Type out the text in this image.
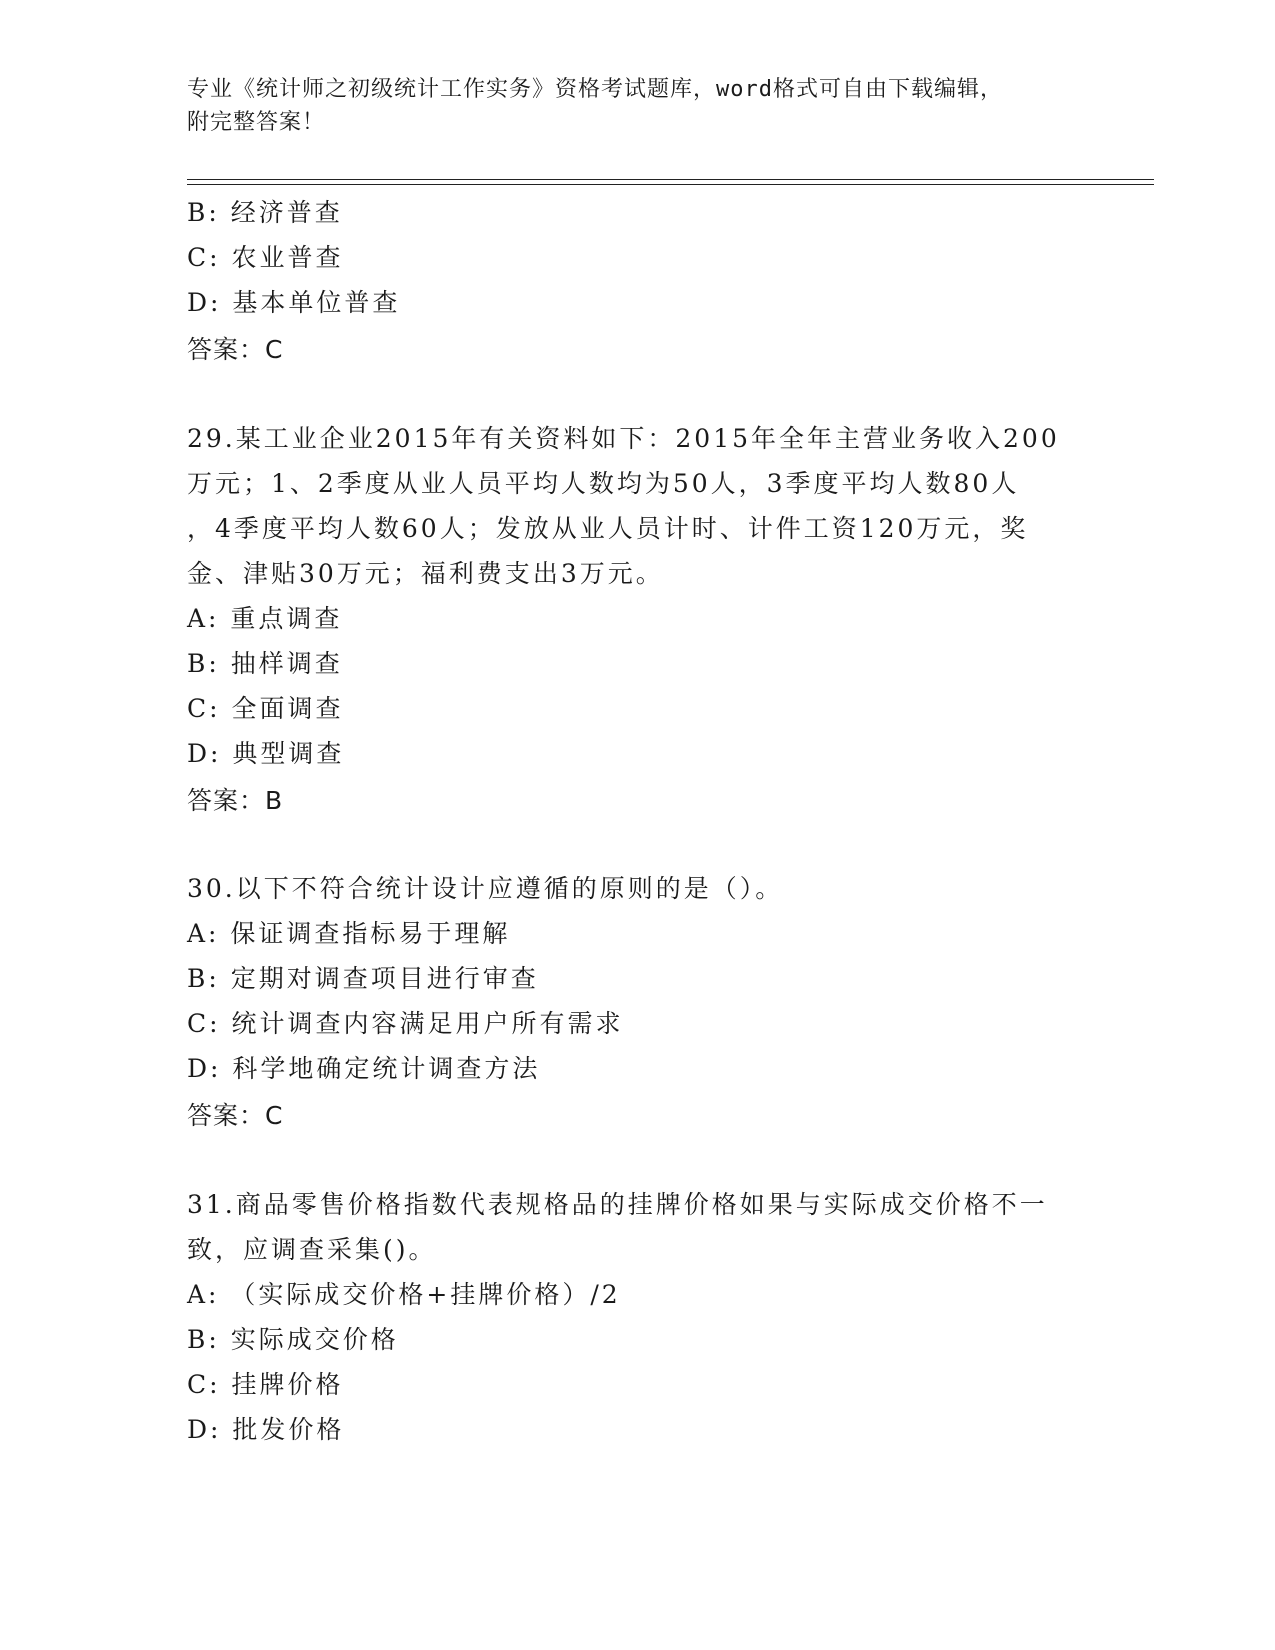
专业《统计师之初级统计工作实务》资格考试题库，word格式可自由下载编辑，
附完整答案！
B: 经济普查
C: 农业普查
D: 基本单位普查
答案：C
29.某工业企业2015年有关资料如下：2015年全年主营业务收入200
万元；1、2季度从业人员平均人数均为50人，3季度平均人数80人
，4季度平均人数60人；发放从业人员计时、计件工资120万元，奖
金、津贴30万元；福利费支出3万元。
A: 重点调查
B: 抽样调查
C: 全面调查
D: 典型调查
答案：B
30.以下不符合统计设计应遵循的原则的是（）。
A: 保证调查指标易于理解
B: 定期对调查项目进行审查
C: 统计调查内容满足用户所有需求
D: 科学地确定统计调查方法
答案：C
31.商品零售价格指数代表规格品的挂牌价格如果与实际成交价格不一
致，应调查采集()。
A: （实际成交价格+挂牌价格）/2
B: 实际成交价格
C: 挂牌价格
D: 批发价格
